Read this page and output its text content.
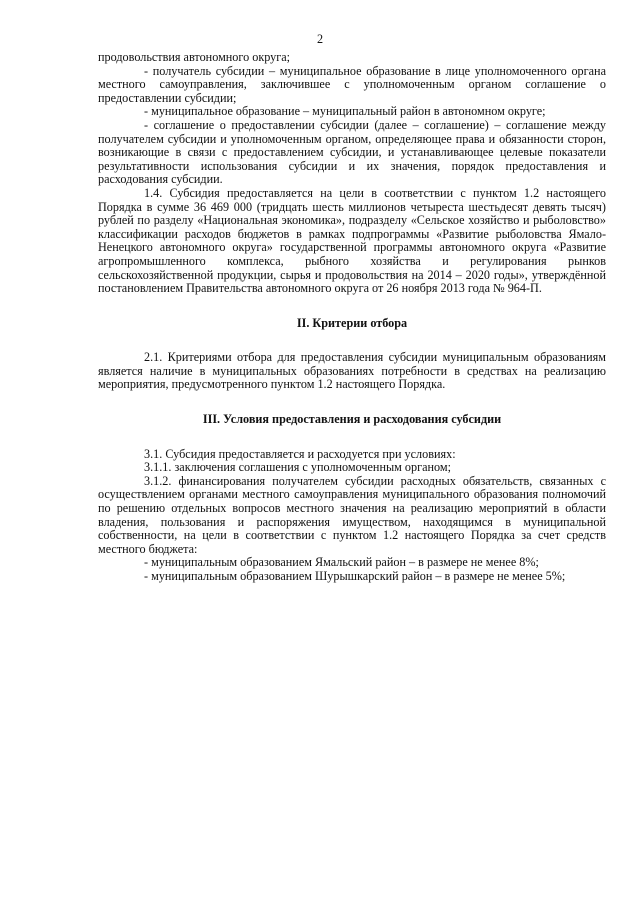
2

продовольствия автономного округа;

- получатель субсидии – муниципальное образование в лице уполномоченного органа местного самоуправления, заключившее с уполномоченным органом соглашение о предоставлении субсидии;

- муниципальное образование – муниципальный район в автономном округе;

- соглашение о предоставлении субсидии (далее – соглашение) – соглашение между получателем субсидии и уполномоченным органом, определяющее права и обязанности сторон, возникающие в связи с предоставлением субсидии, и устанавливающее целевые показатели результативности использования субсидии и их значения, порядок предоставления и расходования субсидии.

1.4. Субсидия предоставляется на цели в соответствии с пунктом 1.2 настоящего Порядка в сумме 36 469 000 (тридцать шесть миллионов четыреста шестьдесят девять тысяч) рублей по разделу «Национальная экономика», подразделу «Сельское хозяйство и рыболовство» классификации расходов бюджетов в рамках подпрограммы «Развитие рыболовства Ямало-Ненецкого автономного округа» государственной программы автономного округа «Развитие агропромышленного комплекса, рыбного хозяйства и регулирования рынков сельскохозяйственной продукции, сырья и продовольствия на 2014 – 2020 годы», утверждённой постановлением Правительства автономного округа от 26 ноября 2013 года № 964-П.

II. Критерии отбора

2.1. Критериями отбора для предоставления субсидии муниципальным образованиям является наличие в муниципальных образованиях потребности в средствах на реализацию мероприятия, предусмотренного пунктом 1.2 настоящего Порядка.

III. Условия предоставления и расходования субсидии

3.1. Субсидия предоставляется и расходуется при условиях:

3.1.1. заключения соглашения с уполномоченным органом;

3.1.2. финансирования получателем субсидии расходных обязательств, связанных с осуществлением органами местного самоуправления муниципального образования полномочий по решению отдельных вопросов местного значения на реализацию мероприятий в области владения, пользования и распоряжения имуществом, находящимся в муниципальной собственности, на цели в соответствии с пунктом 1.2 настоящего Порядка за счет средств местного бюджета:

- муниципальным образованием Ямальский район – в размере не менее 8%;

- муниципальным образованием Шурышкарский район – в размере не менее 5%;
